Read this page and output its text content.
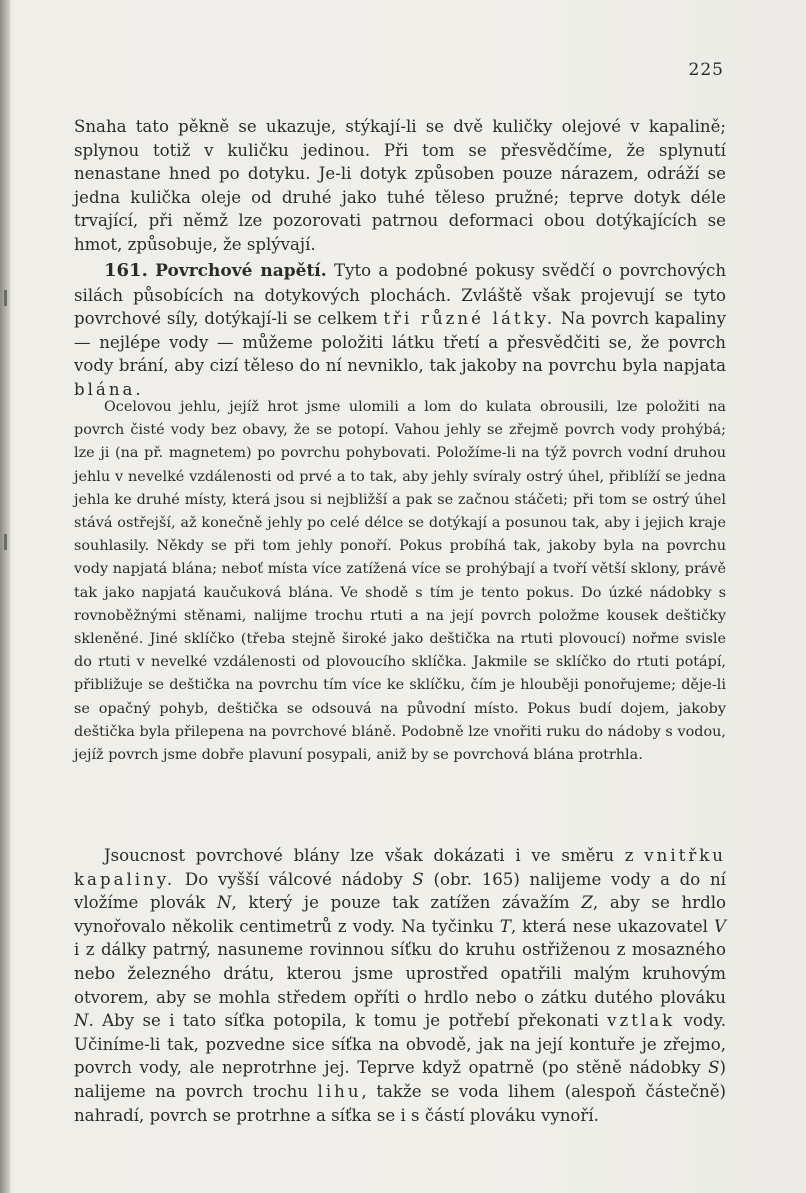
225

Snaha tato pěkně se ukazuje, stýkají-li se dvě kuličky olejové v kapalině; splynou totiž v kuličku jedinou. Při tom se přesvědčíme, že splynutí nenastane hned po dotyku. Je-li dotyk způsoben pouze nárazem, odráží se jedna kulička oleje od druhé jako tuhé těleso pružné; teprve dotyk déle trvající, při němž lze pozorovati patrnou deformaci obou dotýkajících se hmot, způsobuje, že splývají.

161. Povrchové napětí. Tyto a podobné pokusy svědčí o povrchových silách působících na dotykových plochách. Zvláště však projevují se tyto povrchové síly, dotýkají-li se celkem tři různé látky. Na povrch kapaliny — nejlépe vody — můžeme položiti látku třetí a přesvědčiti se, že povrch vody brání, aby cizí těleso do ní nevniklo, tak jakoby na povrchu byla napjata blána.

Ocelovou jehlu, jejíž hrot jsme ulomili a lom do kulata obrousili, lze položiti na povrch čisté vody bez obavy, že se potopí. Vahou jehly se zřejmě povrch vody prohýbá; lze ji (na př. magnetem) po povrchu pohybovati. Položíme-li na týž povrch vodní druhou jehlu v nevelké vzdálenosti od prvé a to tak, aby jehly svíraly ostrý úhel, přiblíží se jedna jehla ke druhé místy, která jsou si nejbližší a pak se začnou stáčeti; při tom se ostrý úhel stává ostřejší, až konečně jehly po celé délce se dotýkají a posunou tak, aby i jejich kraje souhlasily. Někdy se při tom jehly ponoří. Pokus probíhá tak, jakoby byla na povrchu vody napjatá blána; neboť místa více zatížená více se prohýbají a tvoří větší sklony, právě tak jako napjatá kaučuková blána. Ve shodě s tím je tento pokus. Do úzké nádobky s rovnoběžnými stěnami, nalijme trochu rtuti a na její povrch položme kousek deštičky skleněné. Jiné sklíčko (třeba stejně široké jako deštička na rtuti plovoucí) nořme svisle do rtuti v nevelké vzdálenosti od plovoucího sklíčka. Jakmile se sklíčko do rtuti potápí, přibližuje se deštička na povrchu tím více ke sklíčku, čím je hlouběji ponořujeme; děje-li se opačný pohyb, deštička se odsouvá na původní místo. Pokus budí dojem, jakoby deštička byla přilepena na povrchové bláně. Podobně lze vnořiti ruku do nádoby s vodou, jejíž povrch jsme dobře plavuní posypali, aniž by se povrchová blána protrhla.

Jsoucnost povrchové blány lze však dokázati i ve směru z vnitřku kapaliny. Do vyšší válcové nádoby S (obr. 165) nalijeme vody a do ní vložíme plovák N, který je pouze tak zatížen závažím Z, aby se hrdlo vynořovalo několik centimetrů z vody. Na tyčinku T, která nese ukazovatel V i z dálky patrný, nasuneme rovinnou síťku do kruhu ostřiženou z mosazného nebo železného drátu, kterou jsme uprostřed opatřili malým kruhovým otvorem, aby se mohla středem opříti o hrdlo nebo o zátku dutého plováku N. Aby se i tato síťka potopila, k tomu je potřebí překonati vztlak vody. Učiníme-li tak, pozvedne sice síťka na obvodě, jak na její kontuře je zřejmo, povrch vody, ale neprotrhne jej. Teprve když opatrně (po stěně nádobky S) nalijeme na povrch trochu lihu, takže se voda lihem (alespoň částečně) nahradí, povrch se protrhne a síťka se i s částí plováku vynoří.
